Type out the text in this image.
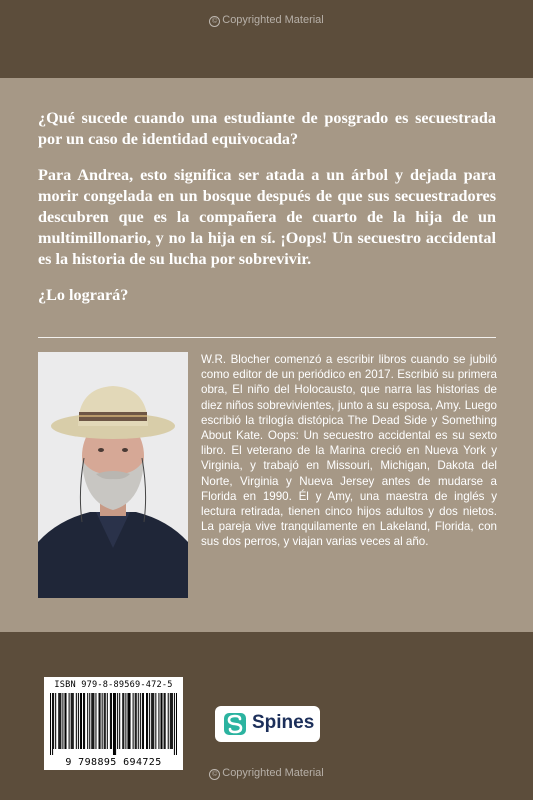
© Copyrighted Material

¿Qué sucede cuando una estudiante de posgrado es secuestrada por un caso de identidad equivocada?

Para Andrea, esto significa ser atada a un árbol y dejada para morir congelada en un bosque después de que sus secuestradores descubren que es la compañera de cuarto de la hija de un multimillonario, y no la hija en sí. ¡Oops! Un secuestro accidental es la historia de su lucha por sobrevivir.

¿Lo logrará?

W.R. Blocher comenzó a escribir libros cuando se jubiló como editor de un periódico en 2017. Escribió su primera obra, El niño del Holocausto, que narra las historias de diez niños sobrevivientes, junto a su esposa, Amy. Luego escribió la trilogía distópica The Dead Side y Something About Kate. Oops: Un secuestro accidental es su sexto libro. El veterano de la Marina creció en Nueva York y Virginia, y trabajó en Missouri, Michigan, Dakota del Norte, Virginia y Nueva Jersey antes de mudarse a Florida en 1990. Él y Amy, una maestra de inglés y lectura retirada, tienen cinco hijos adultos y dos nietos. La pareja vive tranquilamente en Lakeland, Florida, con sus dos perros, y viajan varias veces al año.
ISBN 979-8-89569-472-5
9 798895 694725
Spines
© Copyrighted Material
